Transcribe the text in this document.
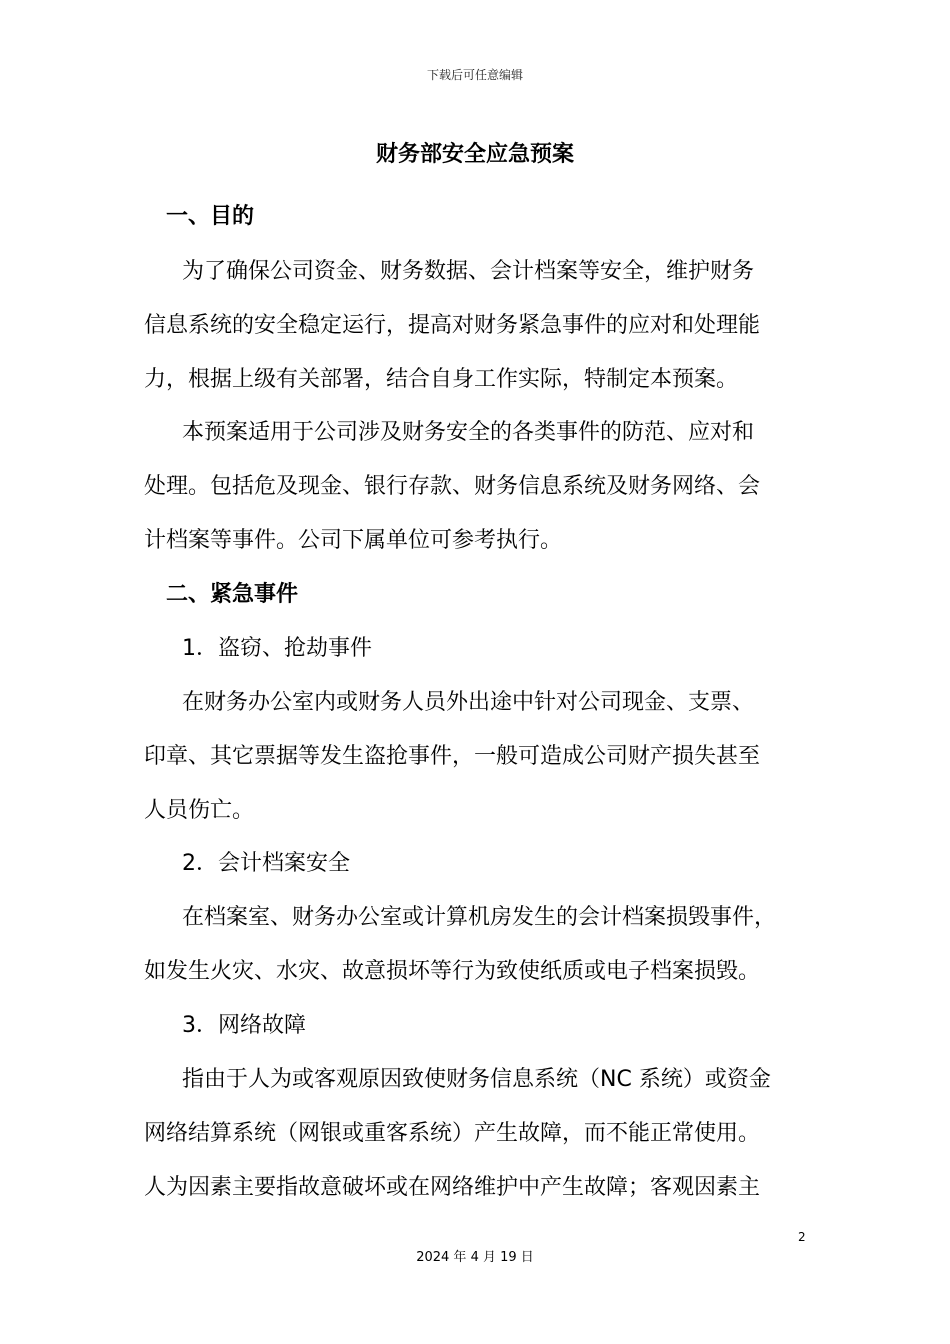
下载后可任意编辑
财务部安全应急预案
一、目的
为了确保公司资金、财务数据、会计档案等安全，维护财务
信息系统的安全稳定运行，提高对财务紧急事件的应对和处理能
力，根据上级有关部署，结合自身工作实际，特制定本预案。
本预案适用于公司涉及财务安全的各类事件的防范、应对和
处理。包括危及现金、银行存款、财务信息系统及财务网络、会
计档案等事件。公司下属单位可参考执行。
二、紧急事件
1．盗窃、抢劫事件
在财务办公室内或财务人员外出途中针对公司现金、支票、
印章、其它票据等发生盗抢事件，一般可造成公司财产损失甚至
人员伤亡。
2．会计档案安全
在档案室、财务办公室或计算机房发生的会计档案损毁事件，
如发生火灾、水灾、故意损坏等行为致使纸质或电子档案损毁。
3．网络故障
指由于人为或客观原因致使财务信息系统（NC 系统）或资金
网络结算系统（网银或重客系统）产生故障，而不能正常使用。
人为因素主要指故意破坏或在网络维护中产生故障；客观因素主
2
2024 年 4 月 19 日
